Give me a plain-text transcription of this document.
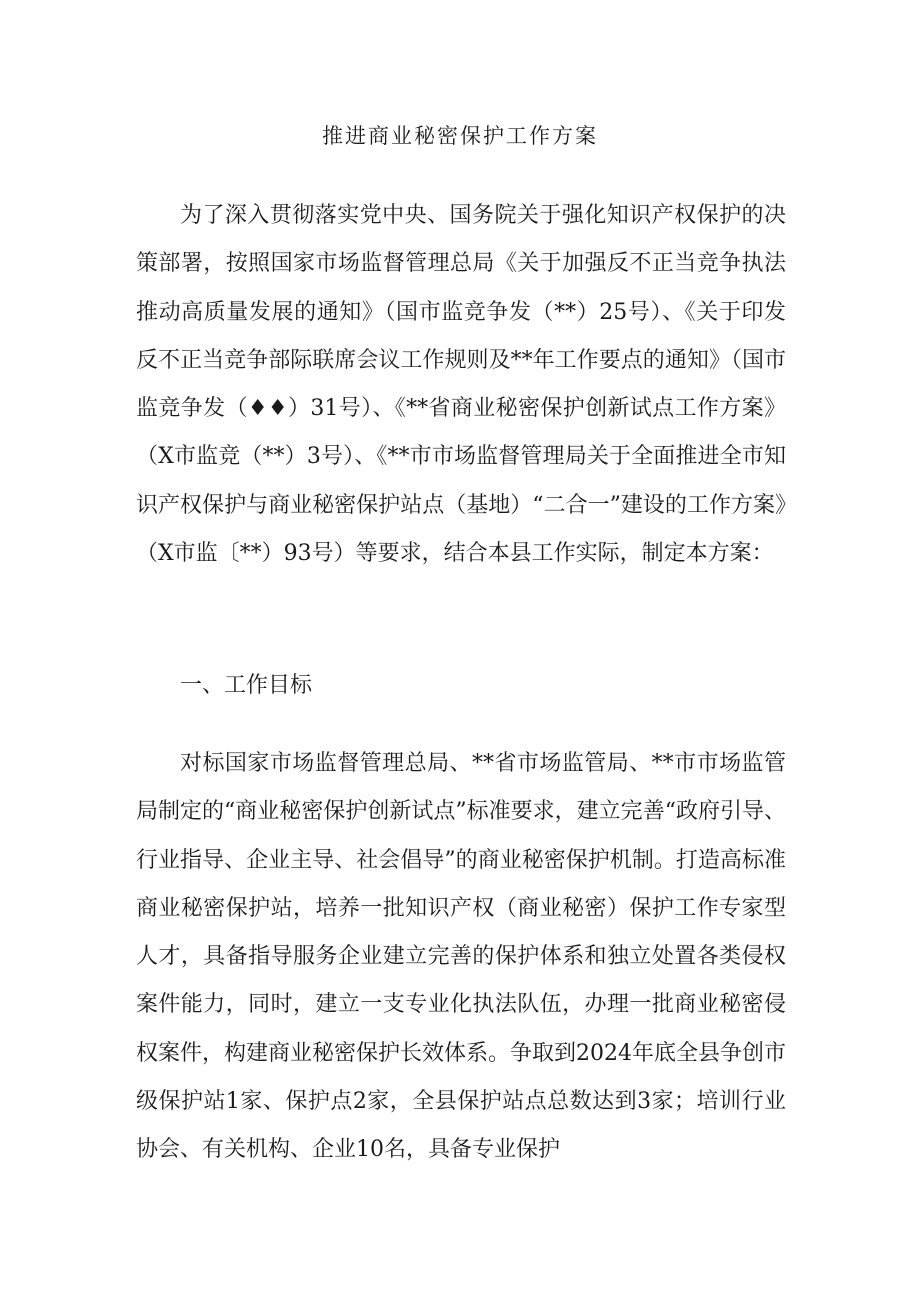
推进商业秘密保护工作方案

为了深入贯彻落实党中央、国务院关于强化知识产权保护的决策部署，按照国家市场监督管理总局《关于加强反不正当竞争执法推动高质量发展的通知》（国市监竞争发（**）25号）、《关于印发反不正当竞争部际联席会议工作规则及**年工作要点的通知》（国市监竞争发（♦♦）31号）、《**省商业秘密保护创新试点工作方案》（X市监竞（**）3号）、《**市市场监督管理局关于全面推进全市知识产权保护与商业秘密保护站点（基地）“二合一”建设的工作方案》（X市监〔**）93号）等要求，结合本县工作实际，制定本方案：

一、工作目标

对标国家市场监督管理总局、**省市场监管局、**市市场监管局制定的“商业秘密保护创新试点”标准要求，建立完善“政府引导、行业指导、企业主导、社会倡导”的商业秘密保护机制。打造高标准商业秘密保护站，培养一批知识产权（商业秘密）保护工作专家型人才，具备指导服务企业建立完善的保护体系和独立处置各类侵权案件能力，同时，建立一支专业化执法队伍，办理一批商业秘密侵权案件，构建商业秘密保护长效体系。争取到2024年底全县争创市级保护站1家、保护点2家，全县保护站点总数达到3家；培训行业协会、有关机构、企业10名，具备专业保护
